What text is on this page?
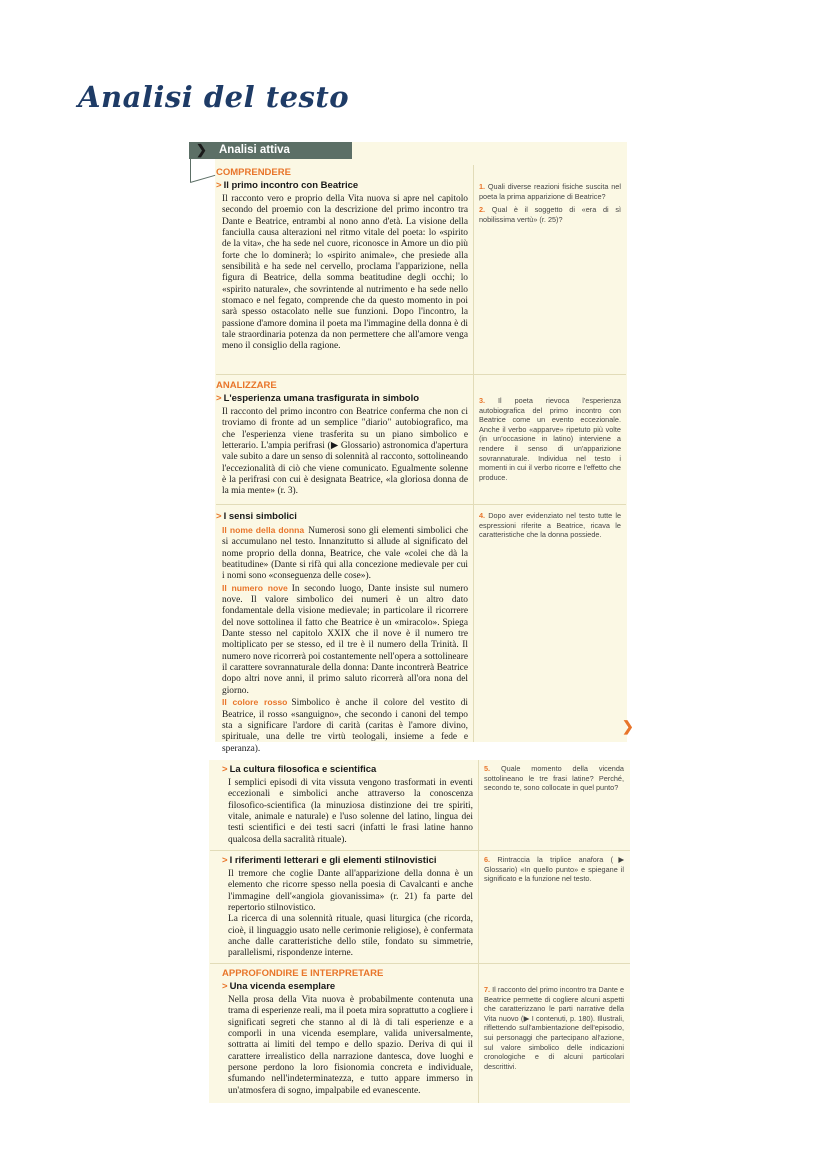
Analisi del testo
Analisi attiva
❯
COMPRENDERE
> Il primo incontro con Beatrice

Il racconto vero e proprio della Vita nuova si apre nel capitolo secondo del proemio con la descrizione del primo incontro tra Dante e Beatrice, entrambi al nono anno d'età. La visione della fanciulla causa alterazioni nel ritmo vitale del poeta: lo «spirito de la vita», che ha sede nel cuore, riconosce in Amore un dio più forte che lo dominerà; lo «spirito animale», che presiede alla sensibilità e ha sede nel cervello, proclama l'apparizione, nella figura di Beatrice, della somma beatitudine degli occhi; lo «spirito naturale», che sovrintende al nutrimento e ha sede nello stomaco e nel fegato, comprende che da questo momento in poi sarà spesso ostacolato nelle sue funzioni. Dopo l'incontro, la passione d'amore domina il poeta ma l'immagine della donna è di tale straordinaria potenza da non permettere che all'amore venga meno il consiglio della ragione.

1. Quali diverse reazioni fisiche suscita nel poeta la prima apparizione di Beatrice?

2. Qual è il soggetto di «era di sì nobilissima vertù» (r. 25)?

ANALIZZARE
> L'esperienza umana trasfigurata in simbolo

Il racconto del primo incontro con Beatrice conferma che non ci troviamo di fronte ad un semplice "diario" autobiografico, ma che l'esperienza viene trasferita su un piano simbolico e letterario. L'ampia perifrasi (▶ Glossario) astronomica d'apertura vale subito a dare un senso di solennità al racconto, sottolineando l'eccezionalità di ciò che viene comunicato. Egualmente solenne è la perifrasi con cui è designata Beatrice, «la gloriosa donna de la mia mente» (r. 3).

3. Il poeta rievoca l'esperienza autobiografica del primo incontro con Beatrice come un evento eccezionale. Anche il verbo «apparve» ripetuto più volte (in un'occasione in latino) interviene a rendere il senso di un'apparizione sovrannaturale. Individua nel testo i momenti in cui il verbo ricorre e l'effetto che produce.

> I sensi simbolici

Il nome della donna Numerosi sono gli elementi simbolici che si accumulano nel testo. Innanzitutto si allude al significato del nome proprio della donna, Beatrice, che vale «colei che dà la beatitudine» (Dante si rifà qui alla concezione medievale per cui i nomi sono «conseguenza delle cose»).

Il numero nove In secondo luogo, Dante insiste sul numero nove. Il valore simbolico dei numeri è un altro dato fondamentale della visione medievale; in particolare il ricorrere del nove sottolinea il fatto che Beatrice è un «miracolo». Spiega Dante stesso nel capitolo XXIX che il nove è il numero tre moltiplicato per se stesso, ed il tre è il numero della Trinità. Il numero nove ricorrerà poi costantemente nell'opera a sottolineare il carattere sovrannaturale della donna: Dante incontrerà Beatrice dopo altri nove anni, il primo saluto ricorrerà all'ora nona del giorno.

Il colore rosso Simbolico è anche il colore del vestito di Beatrice, il rosso «sanguigno», che secondo i canoni del tempo sta a significare l'ardore di carità (caritas è l'amore divino, spirituale, una delle tre virtù teologali, insieme a fede e speranza).

4. Dopo aver evidenziato nel testo tutte le espressioni riferite a Beatrice, ricava le caratteristiche che la donna possiede.

❯
> La cultura filosofica e scientifica

I semplici episodi di vita vissuta vengono trasformati in eventi eccezionali e simbolici anche attraverso la conoscenza filosofico-scientifica (la minuziosa distinzione dei tre spiriti, vitale, animale e naturale) e l'uso solenne del latino, lingua dei testi scientifici e dei testi sacri (infatti le frasi latine hanno qualcosa della sacralità rituale).

5. Quale momento della vicenda sottolineano le tre frasi latine? Perché, secondo te, sono collocate in quel punto?

> I riferimenti letterari e gli elementi stilnovistici

Il tremore che coglie Dante all'apparizione della donna è un elemento che ricorre spesso nella poesia di Cavalcanti e anche l'immagine dell'«angiola giovanissima» (r. 21) fa parte del repertorio stilnovistico.

La ricerca di una solennità rituale, quasi liturgica (che ricorda, cioè, il linguaggio usato nelle cerimonie religiose), è confermata anche dalle caratteristiche dello stile, fondato su simmetrie, parallelismi, rispondenze interne.

6. Rintraccia la triplice anafora (▶ Glossario) «In quello punto» e spiegane il significato e la funzione nel testo.

APPROFONDIRE E INTERPRETARE
> Una vicenda esemplare

Nella prosa della Vita nuova è probabilmente contenuta una trama di esperienze reali, ma il poeta mira soprattutto a cogliere i significati segreti che stanno al di là di tali esperienze e a comporli in una vicenda esemplare, valida universalmente, sottratta ai limiti del tempo e dello spazio. Deriva di qui il carattere irrealistico della narrazione dantesca, dove luoghi e persone perdono la loro fisionomia concreta e individuale, sfumando nell'indeterminatezza, e tutto appare immerso in un'atmosfera di sogno, impalpabile ed evanescente.

7. Il racconto del primo incontro tra Dante e Beatrice permette di cogliere alcuni aspetti che caratterizzano le parti narrative della Vita nuovo (▶ I contenuti, p. 180). Illustrali, riflettendo sull'ambientazione dell'episodio, sui personaggi che partecipano all'azione, sul valore simbolico delle indicazioni cronologiche e di alcuni particolari descrittivi.
